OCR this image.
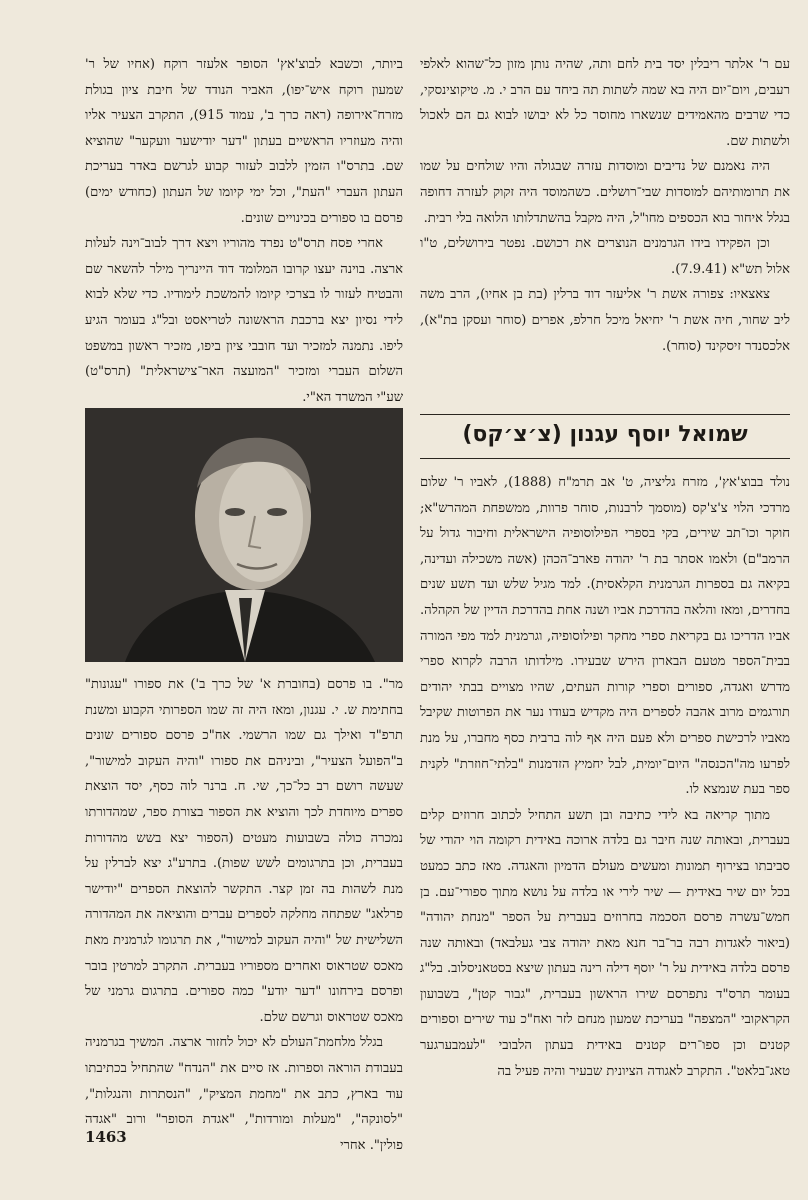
עם ר' אלתר ריבלין יסד בית לחם ותה, שהיה נותן מזון כל־שהוא לאלפי רעבים, ויום־יום היה בא שמה לשתות תה ביחד עם הרב י. מ. טיקוצינסקי, כדי שרבים מהאמידים שנשארו מחוסר כל לא יבושו לבוא גם הם לאכול ולשתות שם.

היה נאמנם של נדיבים ומוסדות עזרה שבגולה והיו שולחים על שמו את תרומותיהם למוסדות שבי־רושלים. כשהמוסד היה זקוק לעזרה דחופה בגלל איחור בוא הכספים מחו"ל, היה מקבל בהשתדלותו הלואה בלי רבית.

וכן הפקידו בידו הגרמנים הנוצרים את רכושם. נפטר בירושלים, ט"ו אלול תש"א (7.9.41).

צאצאיו: צפורה אשת ר' אליעזר דוד ברלין (בת בן אחיו), הרב משה ליב שחור, חיה אשת ר' יחיאל מיכל חרלפ, אפרים (סוחר ועסקן בת"א), אלכסנדר זיסקינד (סוחר).

שמואל יוסף עגנון (צ׳צ׳קס)

נולד בבוצ'אץ', מזרח גליציה, ט' אב תרמ"ח (1888), לאביו ר' שלום מרדכי הלוי צ'צ'קס (מוסמך לרבנות, סוחר פרוות, ממשפחת המהרש"א; חוקר וכו־תב שירים, בקי בספרי הפילוסופיה הישראלית וחיבור גדול על הרמב"ם) ולאמו אסתר בת ר' יהודה פארב־הכהן (אשה משכילה ועדינה, בקיאה גם בספרות הגרמנית הקלאסית). למד מגיל שלש ועד תשע שנים בחדרים, ומאז והלאה בהדרכת אביו ושנה אחת בהדרכת הדיין של הקהלה. אביו הדריכו גם בקריאת ספרי מחקר ופילוסופיה, וגרמנית למד מפי המורה בבית־הספר מטעם הבארון הירש שבעירו. מילדותו הרבה לקרוא ספרי מדרש ואגדה, ספורים וספרי קורות העתים, שהיו מצויים בבתי יהודים תורגמים מרוב אהבה לספרים היה מקדיש בעודו נער את הפרוטות שקיבל מאביו לרכישת ספרים ולא פעם היה אף לוה ברבית כסף מחברו, על מנת לפרעו מה"הכנסה" היום־יומית, לבל יחמיץ הזדמנות "בלתי־חוזרת" לקנית ספר בעת שנמצא לו.

מתוך קריאה בא לידי כתיבה ובן תשע התחיל לכתוב חרוזים קלים בעברית, ובאותה שנה חיבר גם בלדה ארוכה באידית רקומה הוי יהודי של סביבתו בצירוף תמונות ומעשים מעולם הדמיון והאגדה. מאז כתב כמעט בכל יום שיר באידית — שיר לירי או בלדה על נושא מתוך ספורי־עם. בן חמש־עשרה פרסם הסכמה בחרוזים בעברית על הספר "מנחת יהודה" (ביאור לאגדות רבה בר־בר חנא מאת יהודה צבי געלבאד) ובאותה שנה פרסם בלדה באידית על ר' יוסף דילה רינה בעתון שיצא בסטאניסלוב. בל"ג בעומר תרס"ד נתפרסם שירו הראשון בעברית, "גבור קטן", בשבועון הקראקובי "המצפה" בעריכת שמעון מנחם לזר ואח"כ עוד שירים וספורים קטנים וכן ספו־רים קטנים באידית בעתון הלבובי "לעמבערגער טאג־בלאט". התקרב לאגודה הציונית שבעיר והיה פעיל בה

ביותר, וכשבא לבוצ'אץ' הסופר אלעזר רוקח (אחיו של ר' שמעון רוקח איש־יפו), האביר הנודד של חיבת ציון בגולת מזרח־אירופה (ראה כרך ב', עמוד 915), התקרב הצעיר אליו והיה מעוזריו הראשיים בעתון "דער יודישער וועקער" שהוציא שם. בתרס"ו הזמין ללבוב לעזור קבוע לגרשם באדר בעריכת העתון העברי "העת", וכל ימי קיומו של העתון (כחודש ימים) פרסם בו ספורים בכינויים שונים.

אחרי פסח תרס"ט נפרד מהוריו ויצא דרך לבוב־וינה לעלות ארצה. בוינה יעצו קרובו המלומד דוד היינריך מילר להשאר שם והבטיח לעזור לו בצרכי קיומו להמשכת לימודיו. כדי שלא לבוא לידי נסיון יצא ברכבת הראשונה לטריאסט ובל"ג בעומר הגיע ליפו. נתמנה למזכיר ועד חובבי ציון ביפו, מזכיר ראשון במשפט השלום העברי ומזכיר "המועצה האר־צישראלית" (תרס"ט) שע"י המשרד הא"י.

מר". בו פרסם (בחוברת א' של כרך ב') את ספורו "עגונות" בחתימת ש. י. עגנון, ומאז היה זה שמו הספרותי הקבוע ומשנת תרפ"ד ואילך גם שמו הרשמי. אח"כ פרסם ספורים שונים ב"הפועל הצעיר", וביניהם את ספורו "והיה העקוב למישור", שעשה רושם רב כל־כך, שי. ח. ברנר לוה כסף, יסד הוצאת ספרים מיוחדת לכך והוציא את הספור בצורת ספר, שמהדורתו נמכרה כולה בשבועות מעטים (הספור יצא בשש מהדורות בעברית, וכן בתרגומים לשש שפות). בתרע"ג יצא לברלין על מנת לשהות בה זמן קצר. התקשר להוצאת הספרים "יודישר פרלאג" שפתחה מחלקה לספרים עברים והוציאה את המהדורה השלישית של "והיה העקוב למישור", את תרגומו לגרמנית מאת מאכס שטראוס ואחרים מספוריו בעברית. התקרב למרטין בובר ופרסם בירחונו "דער יודע" כמה ספורים. בתרגום גרמני של מאכס שטראוס וגרשם שלם.

בגלל מלחמת־העולם לא יכול לחזור ארצה. המשיך בגרמניה בעבודת הוראה וספרות. אז סיים את "הנדח" שהתחיל בכתיבתו עוד בארץ, כתב את "מחמת המציק", "הנסתרות והנגלות", "לסונקה", "מעלות ומורדות", "אגדת הסופר" ורוב "אגדה פולין". אחרי

1463
